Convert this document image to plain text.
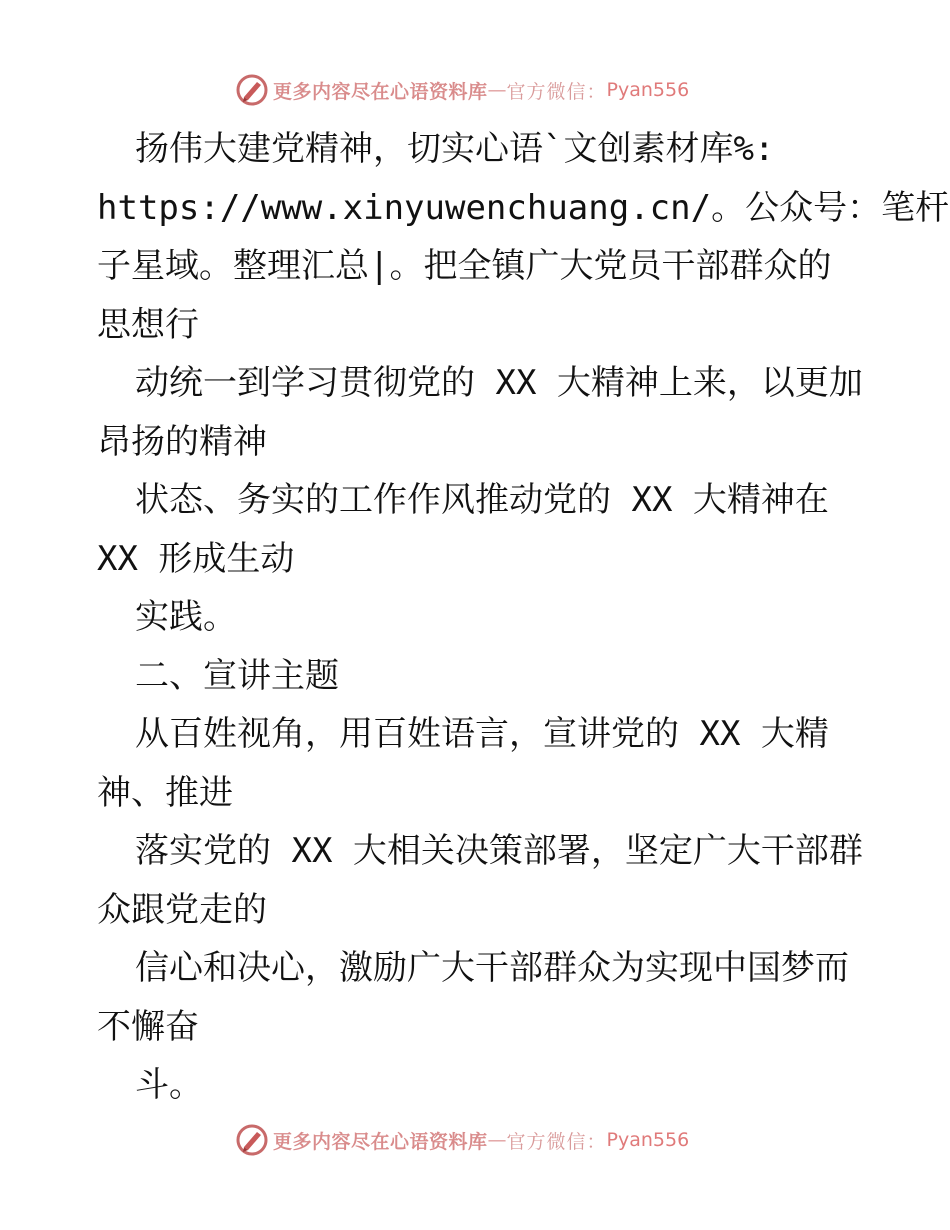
更多内容尽在心语资料库 — 官方微信： Pyan556
扬伟大建党精神，切实心语`文创素材库%:
https://www.xinyuwenchuang.cn/。公众号：笔杆
子星域。整理汇总|。把全镇广大党员干部群众的
思想行
动统一到学习贯彻党的 XX 大精神上来，以更加
昂扬的精神
状态、务实的工作作风推动党的 XX 大精神在
XX 形成生动
实践。
二、宣讲主题
从百姓视角，用百姓语言，宣讲党的 XX 大精
神、推进
落实党的 XX 大相关决策部署，坚定广大干部群
众跟党走的
信心和决心，激励广大干部群众为实现中国梦而
不懈奋
斗。
更多内容尽在心语资料库 — 官方微信： Pyan556
